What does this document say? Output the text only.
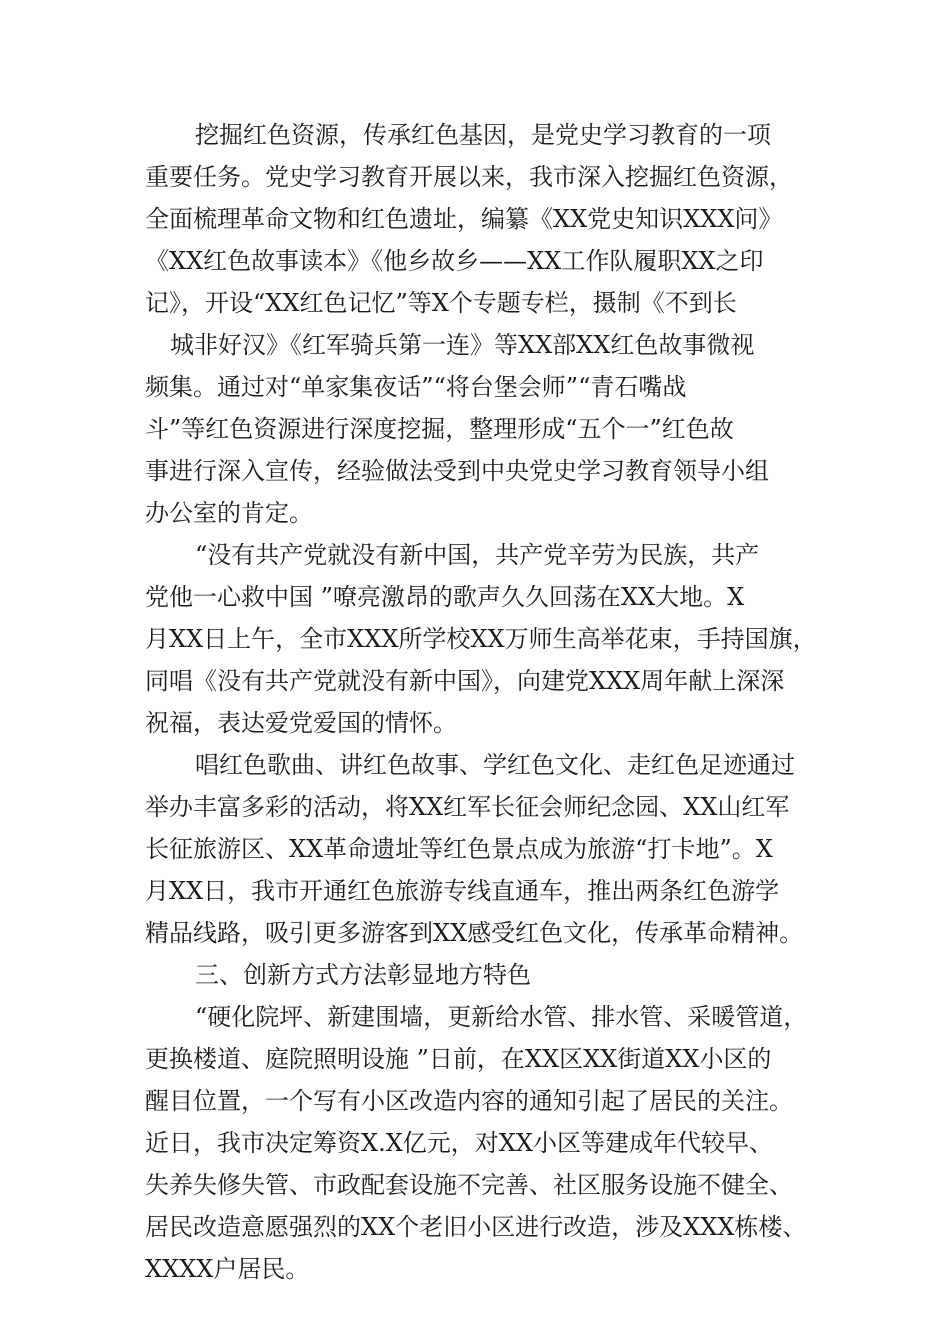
挖掘红色资源，传承红色基因，是党史学习教育的一项
重要任务。党史学习教育开展以来，我市深入挖掘红色资源，
全面梳理革命文物和红色遗址，编纂《XX党史知识XXX问》
《XX红色故事读本》《他乡故乡——XX工作队履职XX之印
记》，开设“XX红色记忆”等X个专题专栏，摄制《不到长
城非好汉》《红军骑兵第一连》等XX部XX红色故事微视
频集。通过对“单家集夜话”“将台堡会师”“青石嘴战
斗”等红色资源进行深度挖掘，整理形成“五个一”红色故
事进行深入宣传，经验做法受到中央党史学习教育领导小组
办公室的肯定。
“没有共产党就没有新中国，共产党辛劳为民族，共产
党他一心救中国 ”嘹亮激昂的歌声久久回荡在XX大地。X
月XX日上午，全市XXX所学校XX万师生高举花束，手持国旗，
同唱《没有共产党就没有新中国》，向建党XXX周年献上深深
祝福，表达爱党爱国的情怀。
唱红色歌曲、讲红色故事、学红色文化、走红色足迹通过
举办丰富多彩的活动，将XX红军长征会师纪念园、XX山红军
长征旅游区、XX革命遗址等红色景点成为旅游“打卡地”。X
月XX日，我市开通红色旅游专线直通车，推出两条红色游学
精品线路，吸引更多游客到XX感受红色文化，传承革命精神。
三、创新方式方法彰显地方特色
“硬化院坪、新建围墙，更新给水管、排水管、采暖管道，
更换楼道、庭院照明设施 ”日前，在XX区XX街道XX小区的
醒目位置，一个写有小区改造内容的通知引起了居民的关注。
近日，我市决定筹资X.X亿元，对XX小区等建成年代较早、
失养失修失管、市政配套设施不完善、社区服务设施不健全、
居民改造意愿强烈的XX个老旧小区进行改造，涉及XXX栋楼、
XXXX户居民。
